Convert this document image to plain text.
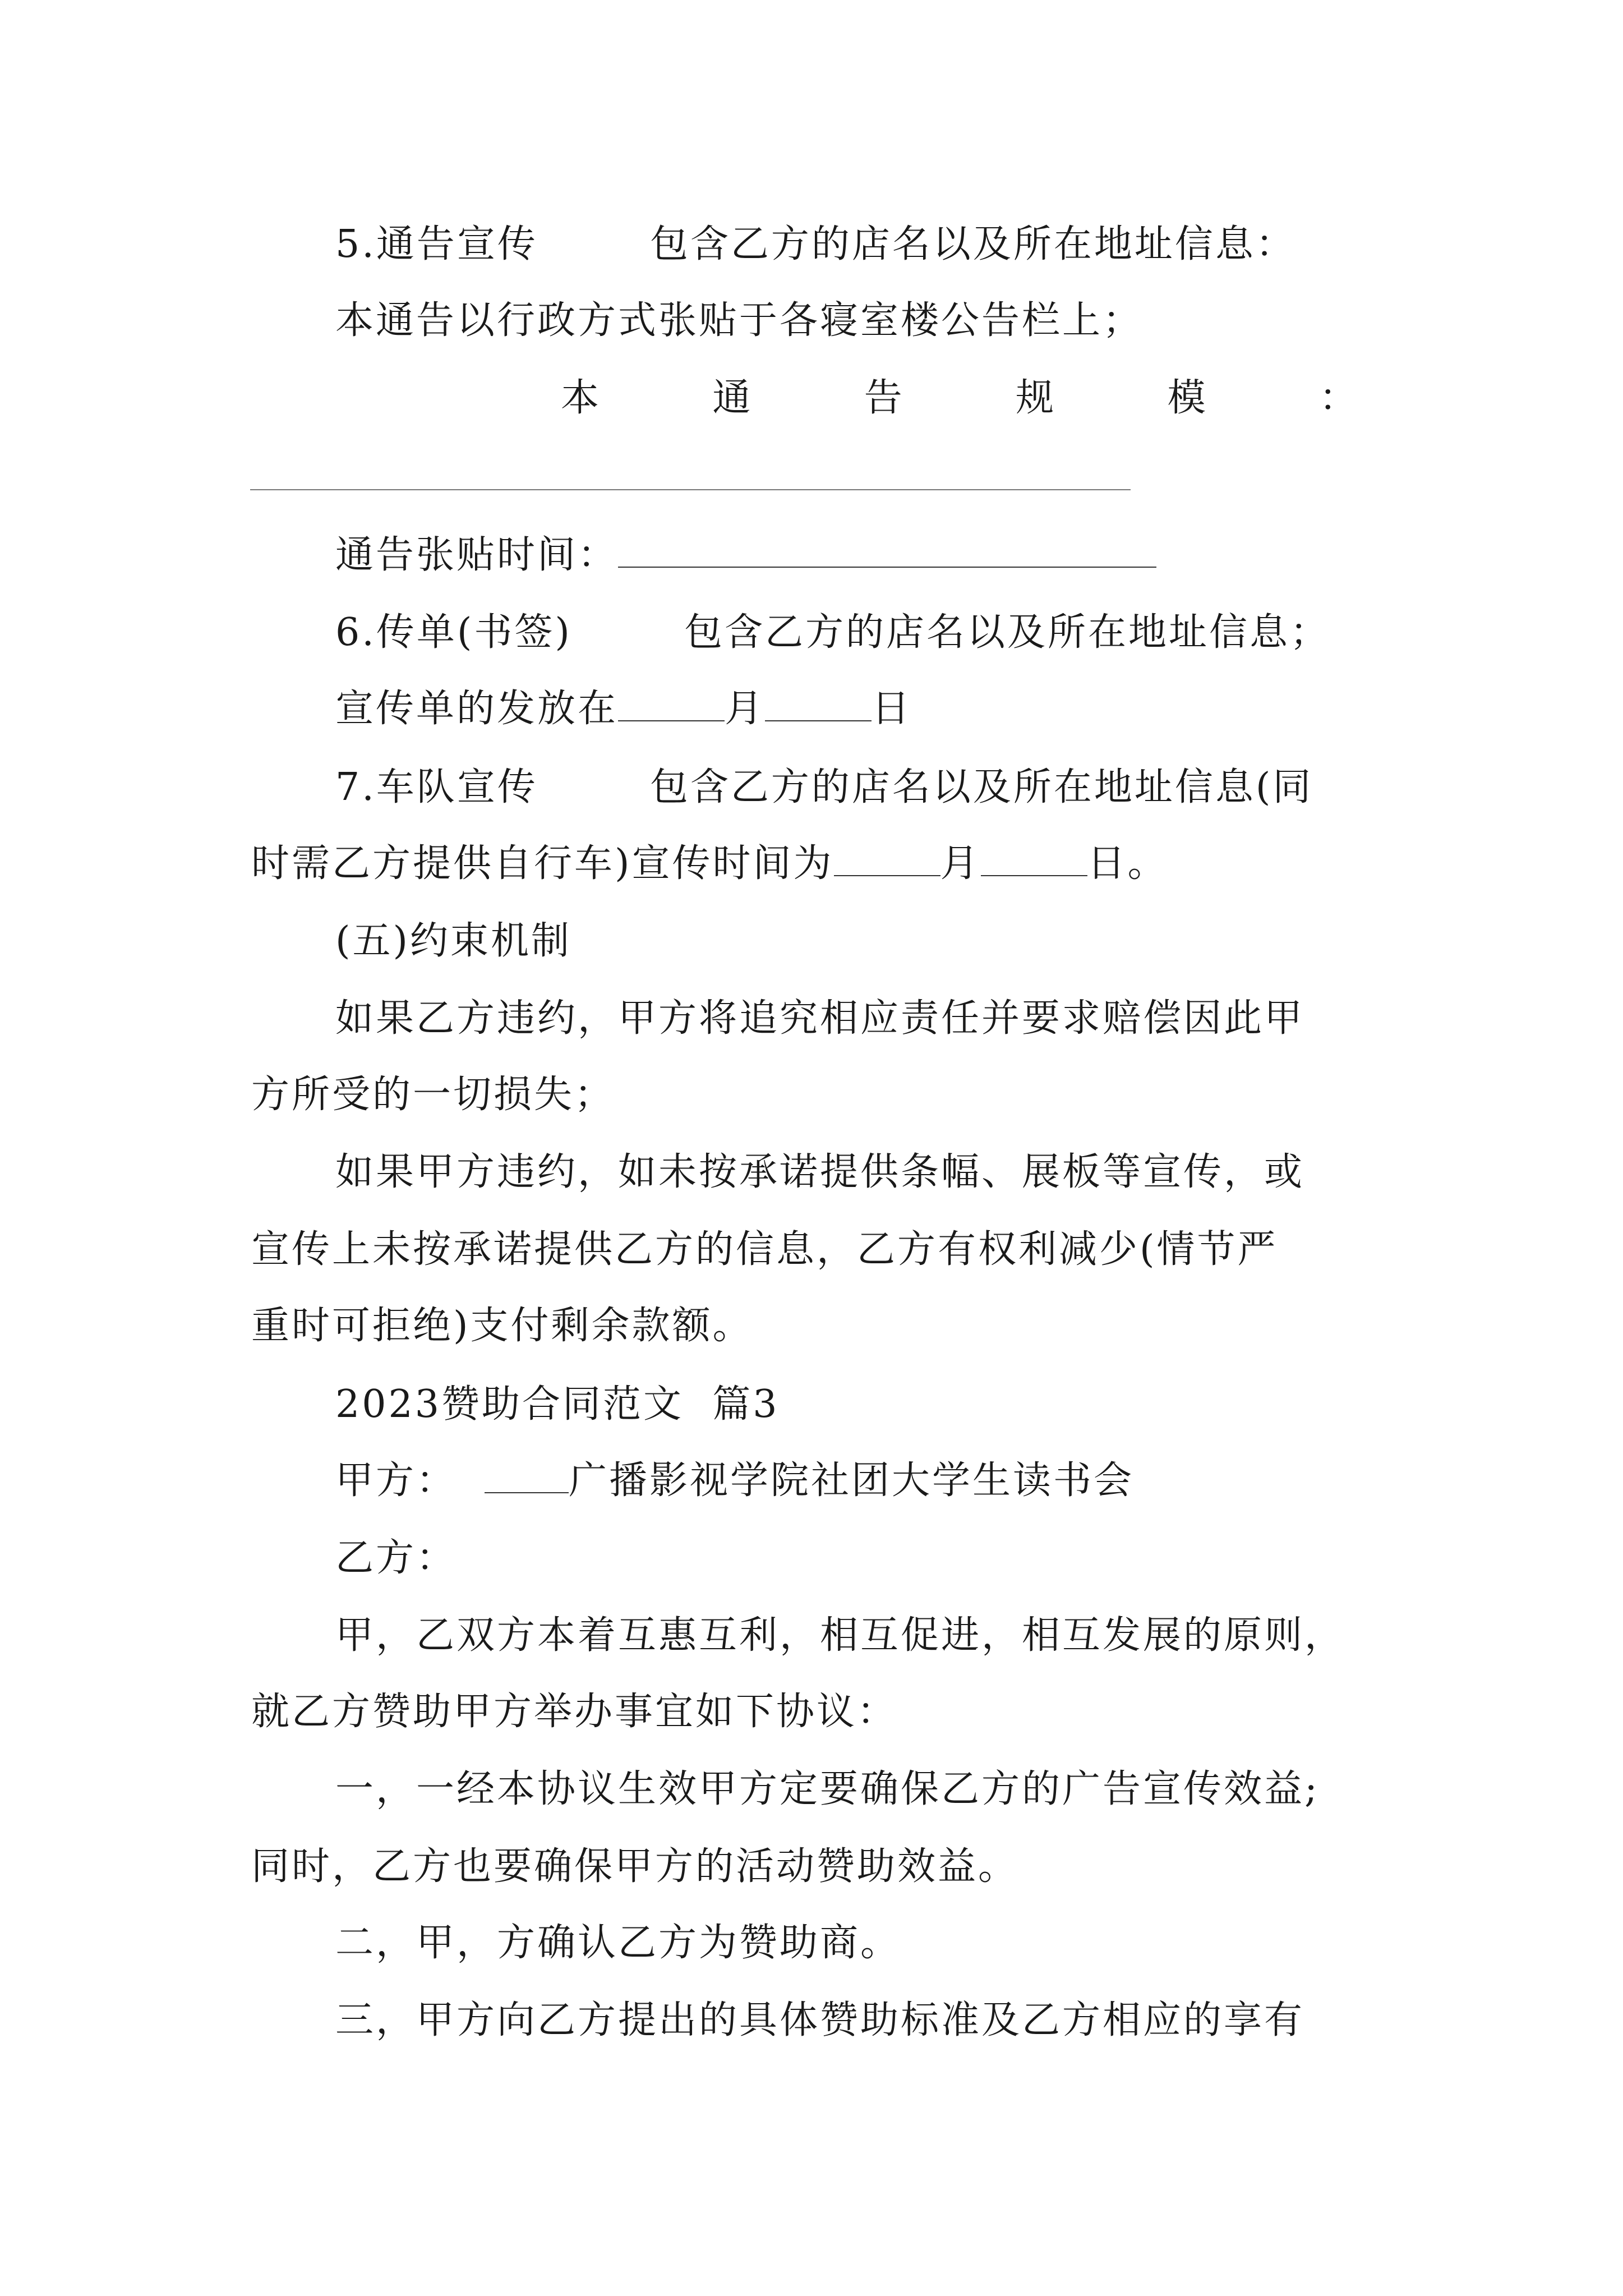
5.通告宣传	包含乙方的店名以及所在地址信息：
本通告以行政方式张贴于各寝室楼公告栏上；
本	通	告	规	模	：
通告张贴时间：
6.传单(书签)	包含乙方的店名以及所在地址信息；
宣传单的发放在	月	日
7.车队宣传	包含乙方的店名以及所在地址信息(同
时需乙方提供自行车)宣传时间为	月	日。
(五)约束机制
如果乙方违约，甲方将追究相应责任并要求赔偿因此甲
方所受的一切损失；
如果甲方违约，如未按承诺提供条幅、展板等宣传，或
宣传上未按承诺提供乙方的信息，乙方有权利减少(情节严
重时可拒绝)支付剩余款额。
2023赞助合同范文  篇3
甲方：	广播影视学院社团大学生读书会
乙方：
甲，乙双方本着互惠互利，相互促进，相互发展的原则，
就乙方赞助甲方举办事宜如下协议：
一，一经本协议生效甲方定要确保乙方的广告宣传效益;
同时，乙方也要确保甲方的活动赞助效益。
二，甲，方确认乙方为赞助商。
三，甲方向乙方提出的具体赞助标准及乙方相应的享有
